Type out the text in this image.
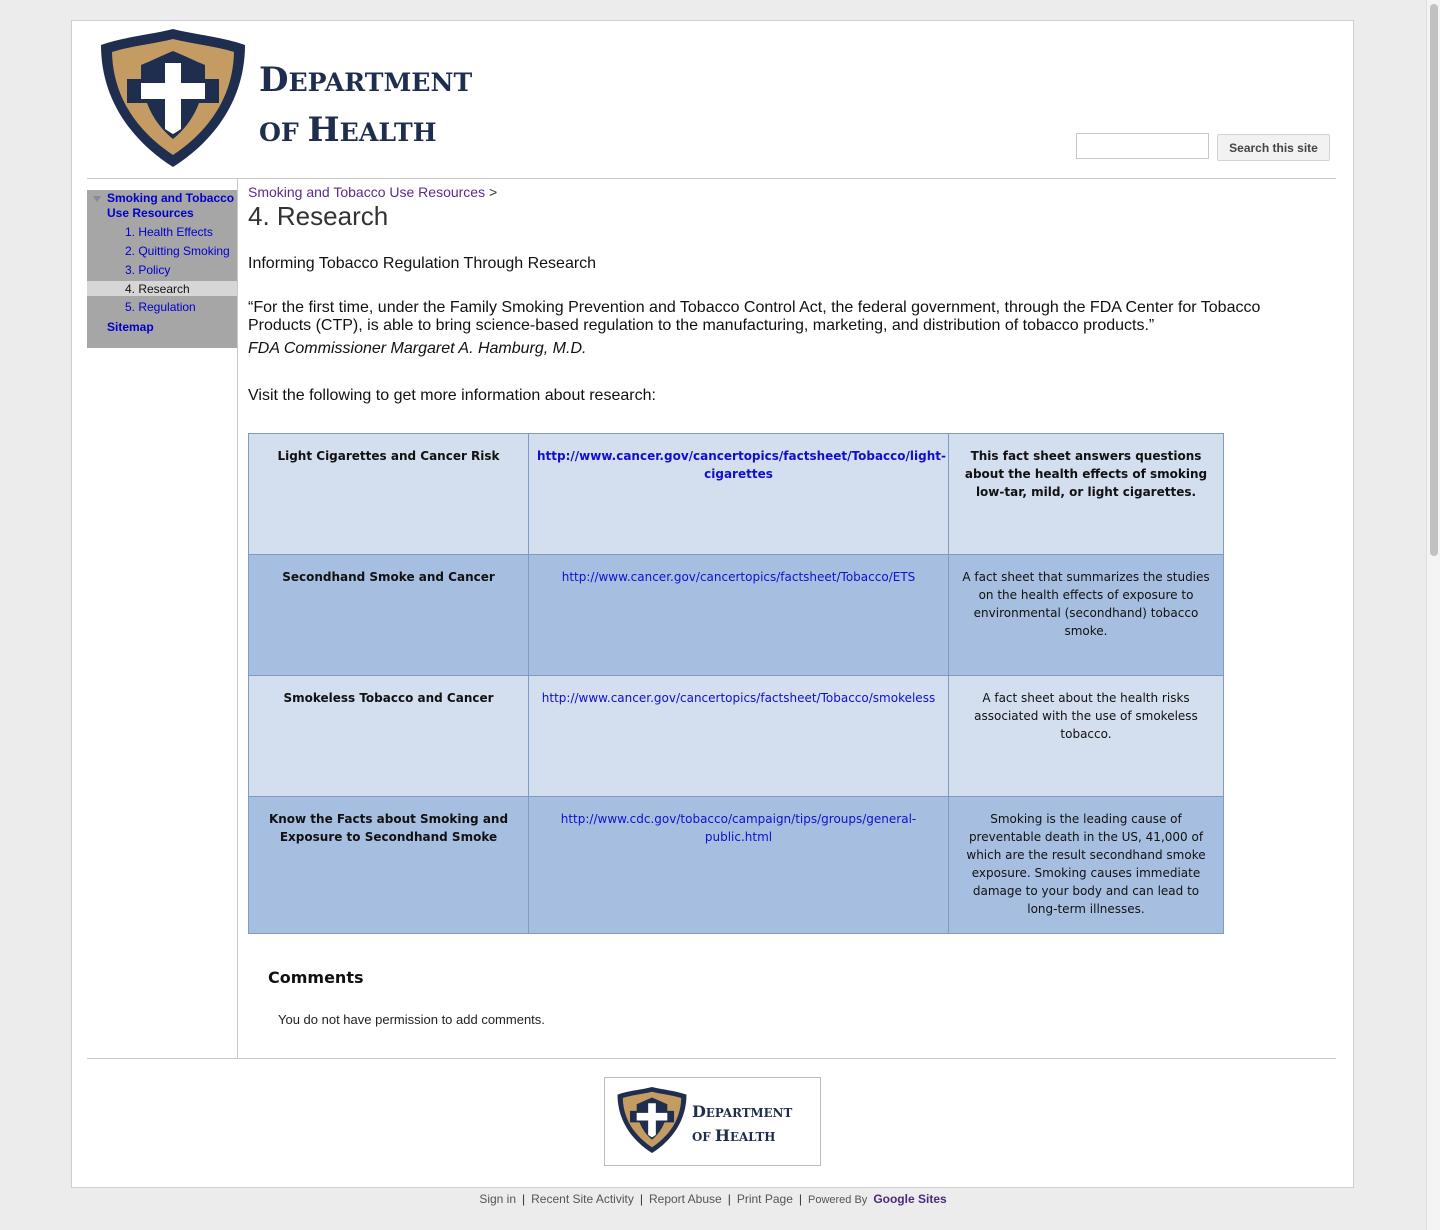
DEPARTMENT
OF HEALTH
Search this site
Smoking and Tobacco Use Resources
1. Health Effects
2. Quitting Smoking
3. Policy
4. Research
5. Regulation
Sitemap
Smoking and Tobacco Use Resources >
4. Research

Informing Tobacco Regulation Through Research

“For the first time, under the Family Smoking Prevention and Tobacco Control Act, the federal government, through the FDA Center for Tobacco Products (CTP), is able to bring science-based regulation to the manufacturing, marketing, and distribution of tobacco products.”

FDA Commissioner Margaret A. Hamburg, M.D.

Visit the following to get more information about research:

Light Cigarettes and Cancer Risk	http://www.cancer.gov/cancertopics/factsheet/Tobacco/light-cigarettes	This fact sheet answers questions about the health effects of smoking low-tar, mild, or light cigarettes.
Secondhand Smoke and Cancer	http://www.cancer.gov/cancertopics/factsheet/Tobacco/ETS	A fact sheet that summarizes the studies on the health effects of exposure to environmental (secondhand) tobacco smoke.
Smokeless Tobacco and Cancer	http://www.cancer.gov/cancertopics/factsheet/Tobacco/smokeless	A fact sheet about the health risks associated with the use of smokeless tobacco.
Know the Facts about Smoking and Exposure to Secondhand Smoke	http://www.cdc.gov/tobacco/campaign/tips/groups/general-public.html	Smoking is the leading cause of preventable death in the US, 41,000 of which are the result secondhand smoke exposure. Smoking causes immediate damage to your body and can lead to long-term illnesses.
Comments
You do not have permission to add comments.
DEPARTMENT
OF HEALTH
Sign in | Recent Site Activity | Report Abuse | Print Page | Powered By Google Sites
